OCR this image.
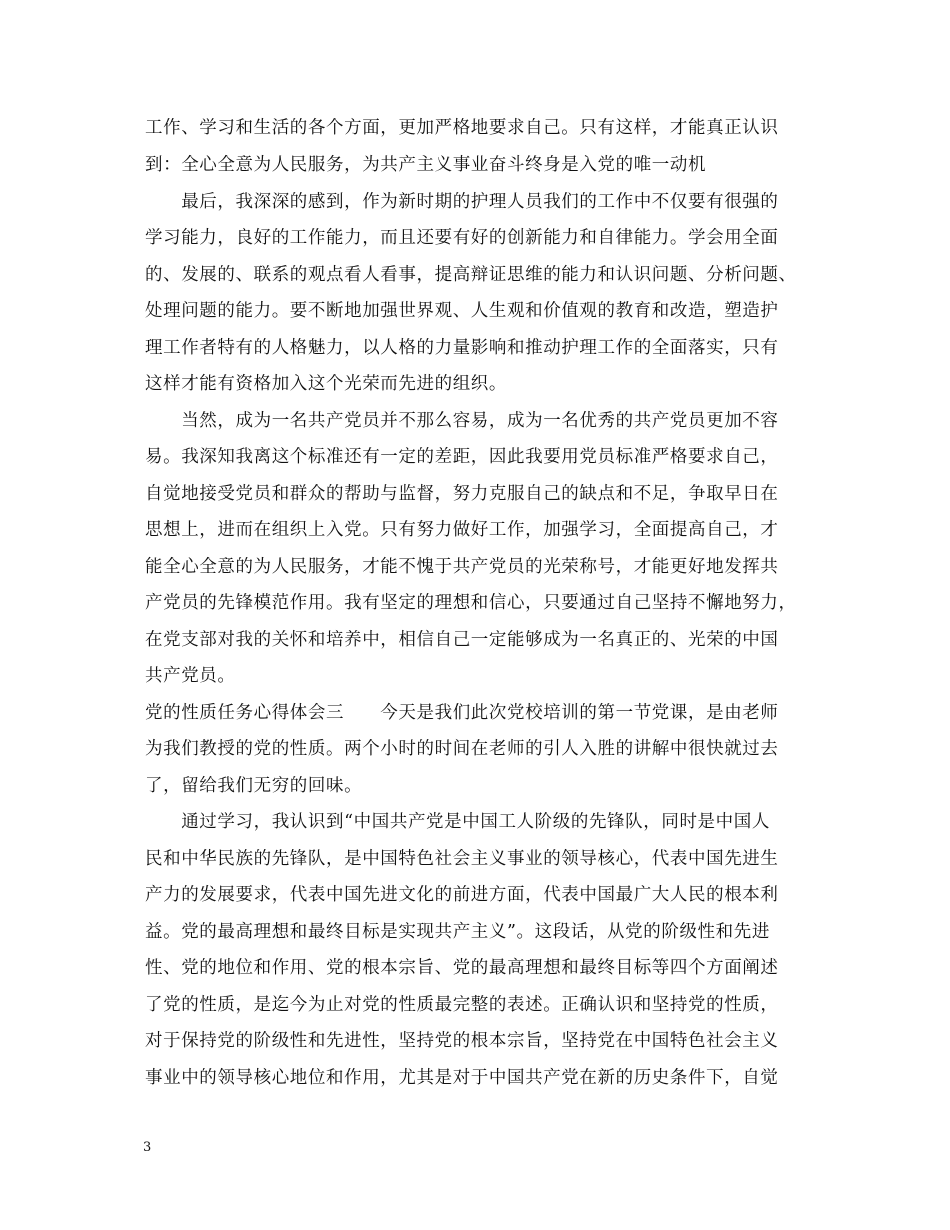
工作、学习和生活的各个方面，更加严格地要求自己。只有这样，才能真正认识
到：全心全意为人民服务，为共产主义事业奋斗终身是入党的唯一动机
　　最后，我深深的感到，作为新时期的护理人员我们的工作中不仅要有很强的
学习能力，良好的工作能力，而且还要有好的创新能力和自律能力。学会用全面
的、发展的、联系的观点看人看事，提高辩证思维的能力和认识问题、分析问题、
处理问题的能力。要不断地加强世界观、人生观和价值观的教育和改造，塑造护
理工作者特有的人格魅力，以人格的力量影响和推动护理工作的全面落实，只有
这样才能有资格加入这个光荣而先进的组织。
　　当然，成为一名共产党员并不那么容易，成为一名优秀的共产党员更加不容
易。我深知我离这个标准还有一定的差距，因此我要用党员标准严格要求自己，
自觉地接受党员和群众的帮助与监督，努力克服自己的缺点和不足，争取早日在
思想上，进而在组织上入党。只有努力做好工作，加强学习，全面提高自己，才
能全心全意的为人民服务，才能不愧于共产党员的光荣称号，才能更好地发挥共
产党员的先锋模范作用。我有坚定的理想和信心，只要通过自己坚持不懈地努力，
在党支部对我的关怀和培养中，相信自己一定能够成为一名真正的、光荣的中国
共产党员。
党的性质任务心得体会三　　今天是我们此次党校培训的第一节党课，是由老师
为我们教授的党的性质。两个小时的时间在老师的引人入胜的讲解中很快就过去
了，留给我们无穷的回味。
　　通过学习，我认识到“中国共产党是中国工人阶级的先锋队，同时是中国人
民和中华民族的先锋队，是中国特色社会主义事业的领导核心，代表中国先进生
产力的发展要求，代表中国先进文化的前进方面，代表中国最广大人民的根本利
益。党的最高理想和最终目标是实现共产主义”。这段话，从党的阶级性和先进
性、党的地位和作用、党的根本宗旨、党的最高理想和最终目标等四个方面阐述
了党的性质，是迄今为止对党的性质最完整的表述。正确认识和坚持党的性质，
对于保持党的阶级性和先进性，坚持党的根本宗旨，坚持党在中国特色社会主义
事业中的领导核心地位和作用，尤其是对于中国共产党在新的历史条件下，自觉
3
